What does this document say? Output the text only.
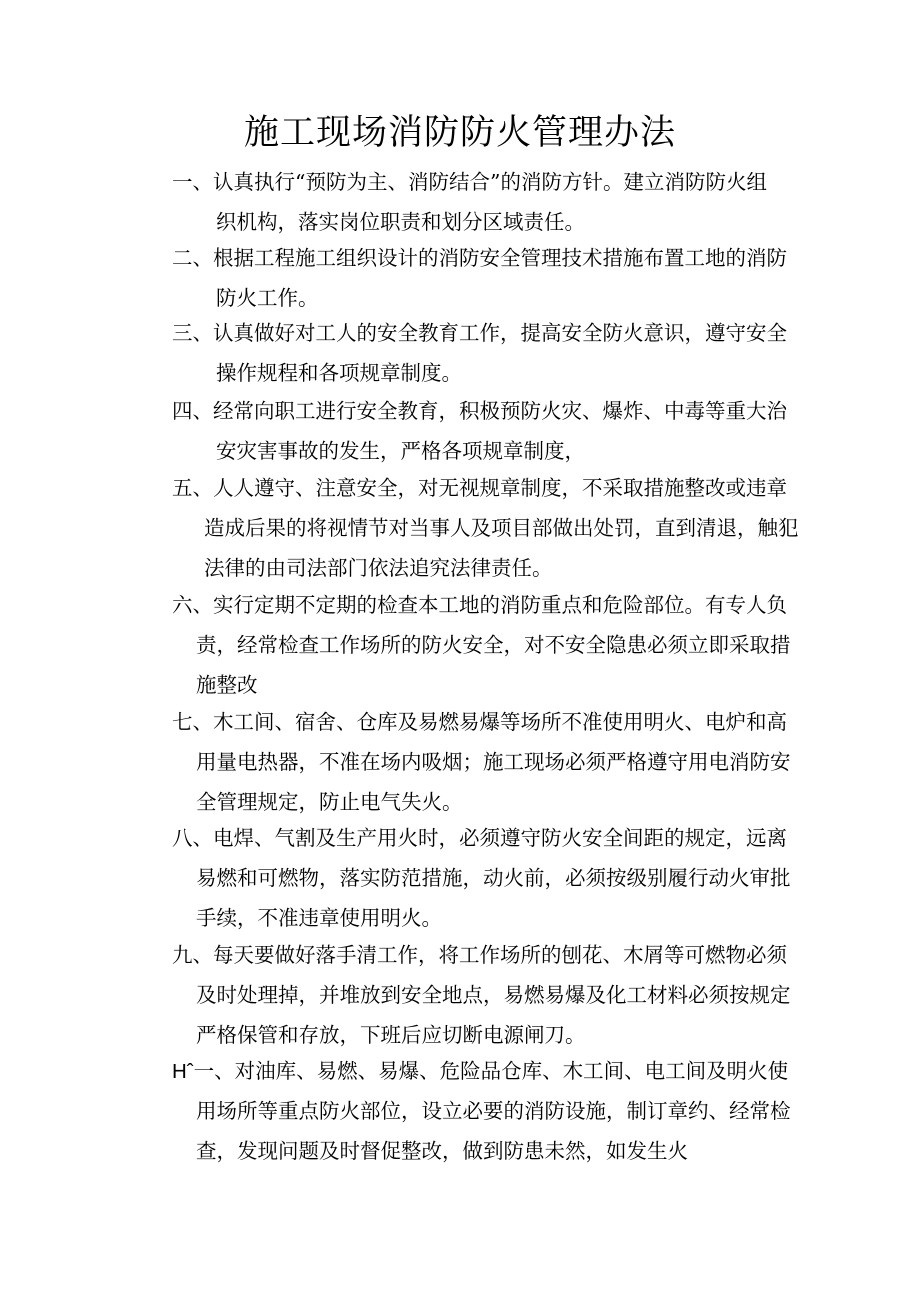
施工现场消防防火管理办法
一、认真执行“预防为主、消防结合”的消防方针。建立消防防火组
织机构，落实岗位职责和划分区域责任。
二、根据工程施工组织设计的消防安全管理技术措施布置工地的消防
防火工作。
三、认真做好对工人的安全教育工作，提高安全防火意识，遵守安全
操作规程和各项规章制度。
四、经常向职工进行安全教育，积极预防火灾、爆炸、中毒等重大治
安灾害事故的发生，严格各项规章制度，
五、人人遵守、注意安全，对无视规章制度，不采取措施整改或违章
造成后果的将视情节对当事人及项目部做出处罚，直到清退，触犯
法律的由司法部门依法追究法律责任。
六、实行定期不定期的检查本工地的消防重点和危险部位。有专人负
责，经常检查工作场所的防火安全，对不安全隐患必须立即采取措
施整改
七、木工间、宿舍、仓库及易燃易爆等场所不准使用明火、电炉和高
用量电热器，不准在场内吸烟；施工现场必须严格遵守用电消防安
全管理规定，防止电气失火。
八、电焊、气割及生产用火时，必须遵守防火安全间距的规定，远离
易燃和可燃物，落实防范措施，动火前，必须按级别履行动火审批
手续，不准违章使用明火。
九、每天要做好落手清工作，将工作场所的刨花、木屑等可燃物必须
及时处理掉，并堆放到安全地点，易燃易爆及化工材料必须按规定
严格保管和存放，下班后应切断电源闸刀。
Hˆ一、对油库、易燃、易爆、危险品仓库、木工间、电工间及明火使
用场所等重点防火部位，设立必要的消防设施，制订章约、经常检
查，发现问题及时督促整改，做到防患未然，如发生火
